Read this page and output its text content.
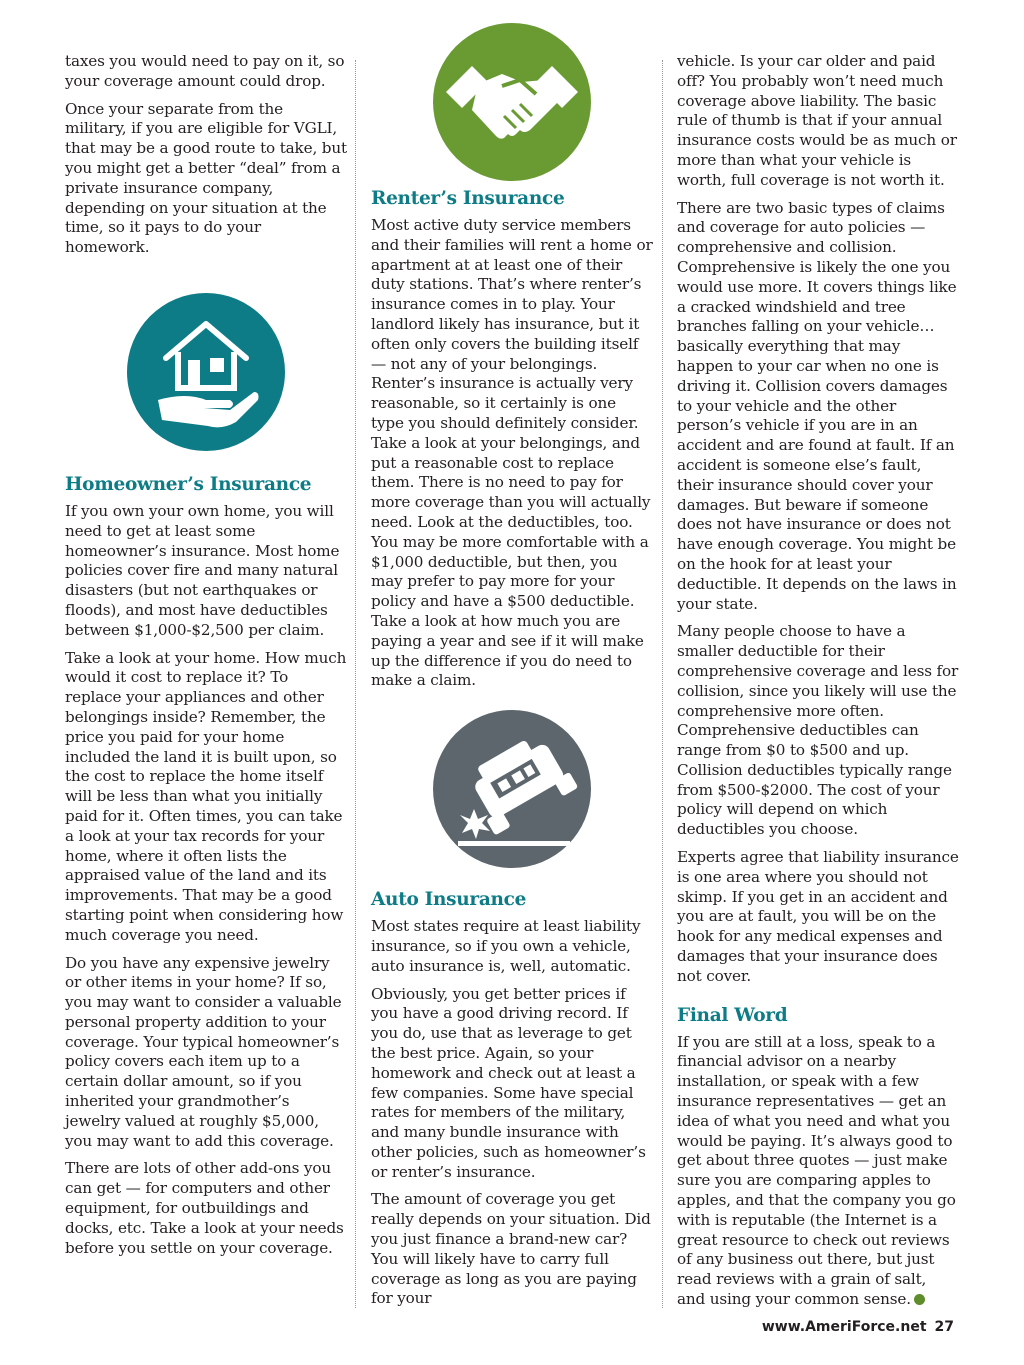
taxes you would need to pay on it, so your coverage amount could drop.

Once your separate from the military, if you are eligible for VGLI, that may be a good route to take, but you might get a better “deal” from a private insurance company, depending on your situation at the time, so it pays to do your homework.

Homeowner’s Insurance

If you own your own home, you will need to get at least some homeowner’s insurance. Most home policies cover fire and many natural disasters (but not earthquakes or floods), and most have deductibles between $1,000-$2,500 per claim.

Take a look at your home. How much would it cost to replace it? To replace your appliances and other belongings inside? Remember, the price you paid for your home included the land it is built upon, so the cost to replace the home itself will be less than what you initially paid for it. Often times, you can take a look at your tax records for your home, where it often lists the appraised value of the land and its improvements. That may be a good starting point when considering how much coverage you need.

Do you have any expensive jewelry or other items in your home? If so, you may want to consider a valuable personal property addition to your coverage. Your typical homeowner’s policy covers each item up to a certain dollar amount, so if you inherited your grandmother’s jewelry valued at roughly $5,000, you may want to add this coverage.

There are lots of other add-ons you can get — for computers and other equipment, for outbuildings and docks, etc. Take a look at your needs before you settle on your coverage.

Renter’s Insurance

Most active duty service members and their families will rent a home or apartment at at least one of their duty stations. That’s where renter’s insurance comes in to play. Your landlord likely has insurance, but it often only covers the building itself — not any of your belongings. Renter’s insurance is actually very reasonable, so it certainly is one type you should definitely consider. Take a look at your belongings, and put a reasonable cost to replace them. There is no need to pay for more coverage than you will actually need. Look at the deductibles, too. You may be more comfortable with a $1,000 deductible, but then, you may prefer to pay more for your policy and have a $500 deductible. Take a look at how much you are paying a year and see if it will make up the difference if you do need to make a claim.

Auto Insurance

Most states require at least liability insurance, so if you own a vehicle, auto insurance is, well, automatic.

Obviously, you get better prices if you have a good driving record. If you do, use that as leverage to get the best price. Again, so your homework and check out at least a few companies. Some have special rates for members of the military, and many bundle insurance with other policies, such as homeowner’s or renter’s insurance.

The amount of coverage you get really depends on your situation. Did you just finance a brand-new car? You will likely have to carry full coverage as long as you are paying for your

vehicle. Is your car older and paid off? You probably won’t need much coverage above liability. The basic rule of thumb is that if your annual insurance costs would be as much or more than what your vehicle is worth, full coverage is not worth it.

There are two basic types of claims and coverage for auto policies — comprehensive and collision. Comprehensive is likely the one you would use more. It covers things like a cracked windshield and tree branches falling on your vehicle… basically everything that may happen to your car when no one is driving it. Collision covers damages to your vehicle and the other person’s vehicle if you are in an accident and are found at fault. If an accident is someone else’s fault, their insurance should cover your damages. But beware if someone does not have insurance or does not have enough coverage. You might be on the hook for at least your deductible. It depends on the laws in your state.

Many people choose to have a smaller deductible for their comprehensive coverage and less for collision, since you likely will use the comprehensive more often. Comprehensive deductibles can range from $0 to $500 and up. Collision deductibles typically range from $500-$2000. The cost of your policy will depend on which deductibles you choose.

Experts agree that liability insurance is one area where you should not skimp. If you get in an accident and you are at fault, you will be on the hook for any medical expenses and damages that your insurance does not cover.

Final Word

If you are still at a loss, speak to a financial advisor on a nearby installation, or speak with a few insurance representatives — get an idea of what you need and what you would be paying. It’s always good to get about three quotes — just make sure you are comparing apples to apples, and that the company you go with is reputable (the Internet is a great resource to check out reviews of any business out there, but just read reviews with a grain of salt, and using your common sense.

www.AmeriForce.net 27
